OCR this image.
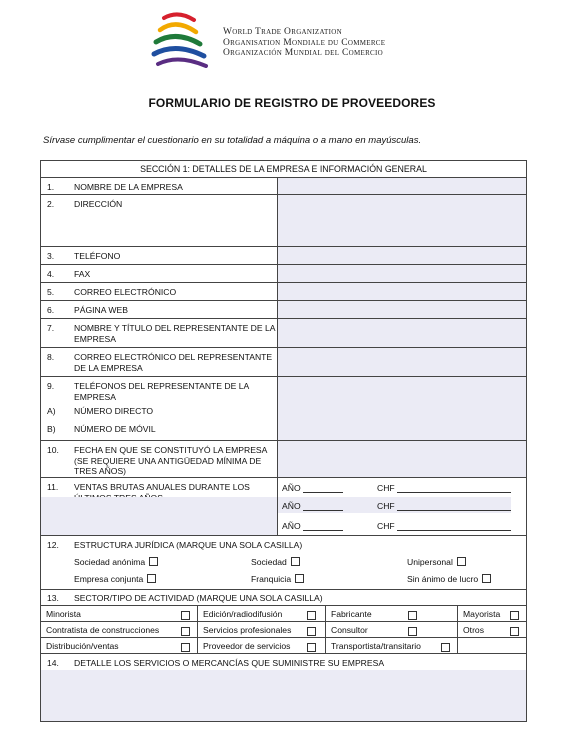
World Trade Organization
Organisation Mondiale du Commerce
Organización Mundial del Comercio
FORMULARIO DE REGISTRO DE PROVEEDORES
Sírvase cumplimentar el cuestionario en su totalidad a máquina o a mano en mayúsculas.
SECCIÓN 1: DETALLES DE LA EMPRESA E INFORMACIÓN GENERAL
1. NOMBRE DE LA EMPRESA
2. DIRECCIÓN
3. TELÉFONO
4. FAX
5. CORREO ELECTRÓNICO
6. PÁGINA WEB
7. NOMBRE Y TÍTULO DEL REPRESENTANTE DE LA EMPRESA
8. CORREO ELECTRÓNICO DEL REPRESENTANTE DE LA EMPRESA
9. TELÉFONOS DEL REPRESENTANTE DE LA EMPRESA
A) NÚMERO DIRECTO
B) NÚMERO DE MÓVIL
10. FECHA EN QUE SE CONSTITUYÓ LA EMPRESA (SE REQUIERE UNA ANTIGÜEDAD MÍNIMA DE TRES AÑOS)
11. VENTAS BRUTAS ANUALES DURANTE LOS	AÑO	CHF
AÑO	CHF
AÑO	CHF
12. ESTRUCTURA JURÍDICA (MARQUE UNA SOLA CASILLA)
Sociedad anónima	Sociedad	Unipersonal
Empresa conjunta	Franquicia	Sin ánimo de lucro
13. SECTOR/TIPO DE ACTIVIDAD (MARQUE UNA SOLA CASILLA)
Minorista	Edición/radiodifusión	Fabricante	Mayorista
Contratista de construcciones	Servicios profesionales	Consultor	Otros
Distribución/ventas	Proveedor de servicios	Transportista/transitario
14. DETALLE LOS SERVICIOS O MERCANCÍAS QUE SUMINISTRE SU EMPRESA
